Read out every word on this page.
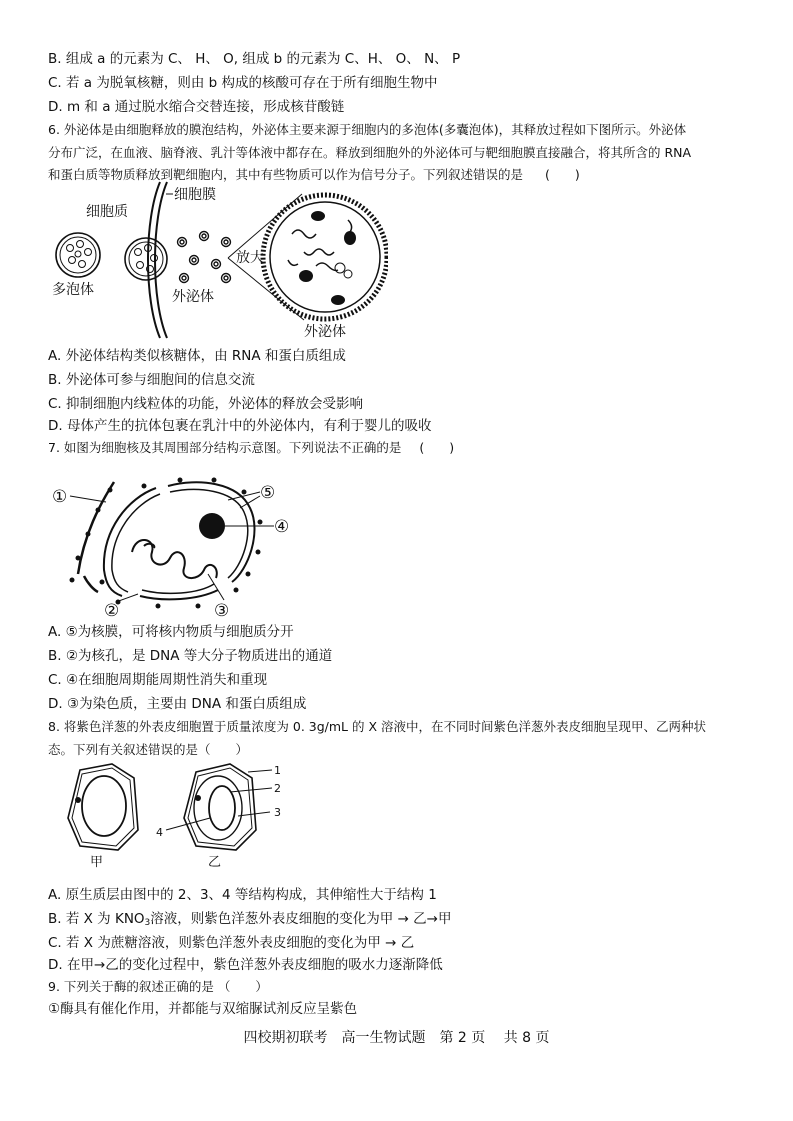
B. 组成 a 的元素为 C、 H、 O, 组成 b 的元素为 C、H、 O、 N、 P
C. 若 a 为脱氧核糖，则由 b 构成的核酸可存在于所有细胞生物中
D. m 和 a 通过脱水缩合交替连接，形成核苷酸链
6. 外泌体是由细胞释放的膜泡结构，外泌体主要来源于细胞内的多泡体(多囊泡体)，其释放过程如下图所示。外泌体
分布广泛，在血液、脑脊液、乳汁等体液中都存在。释放到细胞外的外泌体可与靶细胞膜直接融合，将其所含的 RNA
和蛋白质等物质释放到靶细胞内，其中有些物质可以作为信号分子。下列叙述错误的是 (　　)
细胞膜
细胞质
多泡体	外泌体
放大
外泌体
A. 外泌体结构类似核糖体，由 RNA 和蛋白质组成
B. 外泌体可参与细胞间的信息交流
C. 抑制细胞内线粒体的功能，外泌体的释放会受影响
D. 母体产生的抗体包裹在乳汁中的外泌体内，有利于婴儿的吸收
7. 如图为细胞核及其周围部分结构示意图。下列说法不正确的是 (　　)
①	⑤
④
②	③
A. ⑤为核膜，可将核内物质与细胞质分开
B. ②为核孔，是 DNA 等大分子物质进出的通道
C. ④在细胞周期能周期性消失和重现
D. ③为染色质，主要由 DNA 和蛋白质组成
8. 将紫色洋葱的外表皮细胞置于质量浓度为 0. 3g/mL 的 X 溶液中，在不同时间紫色洋葱外表皮细胞呈现甲、乙两种状
态。下列有关叙述错误的是（　　）
甲	乙
1
2
3
4
A. 原生质层由图中的 2、3、4 等结构构成，其伸缩性大于结构 1
B. 若 X 为 $KNO_3$溶液，则紫色洋葱外表皮细胞的变化为甲 → 乙→甲
C. 若 X 为蔗糖溶液，则紫色洋葱外表皮细胞的变化为甲 → 乙
D. 在甲→乙的变化过程中，紫色洋葱外表皮细胞的吸水力逐渐降低
9. 下列关于酶的叙述正确的是 （　　）
①酶具有催化作用，并都能与双缩脲试剂反应呈紫色
四校期初联考　高一生物试题　第 2 页　 共 8 页
